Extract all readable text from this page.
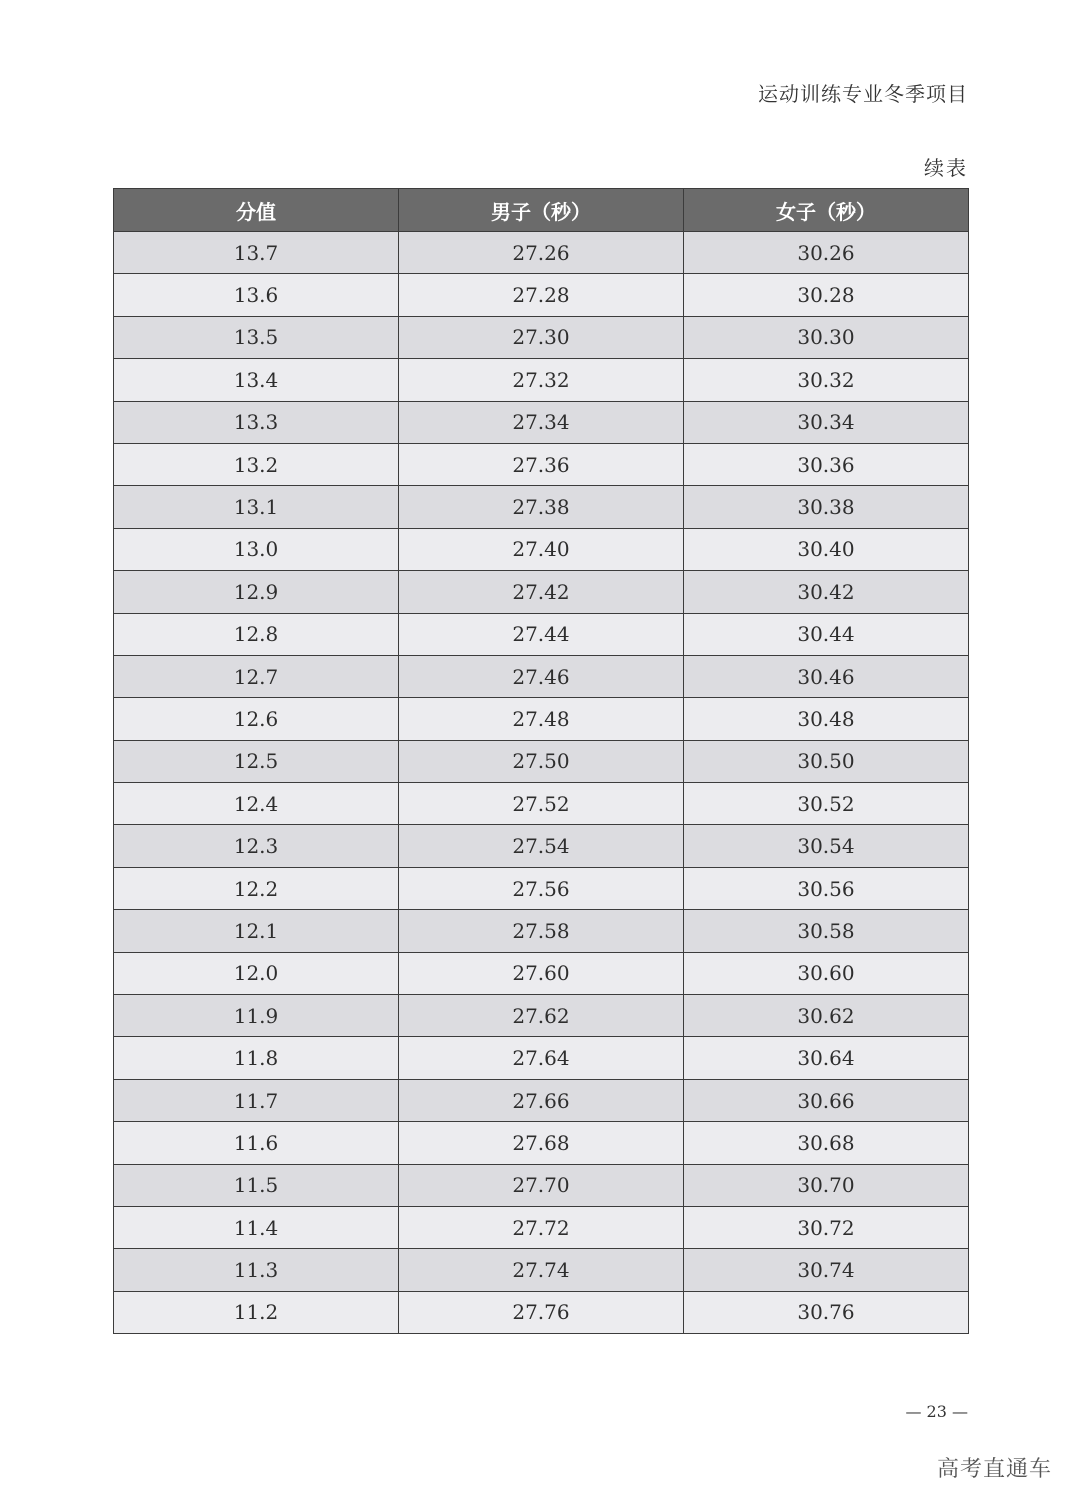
运动训练专业冬季项目
续表
分值	男子（秒）	女子（秒）
13.7	27.26	30.26
13.6	27.28	30.28
13.5	27.30	30.30
13.4	27.32	30.32
13.3	27.34	30.34
13.2	27.36	30.36
13.1	27.38	30.38
13.0	27.40	30.40
12.9	27.42	30.42
12.8	27.44	30.44
12.7	27.46	30.46
12.6	27.48	30.48
12.5	27.50	30.50
12.4	27.52	30.52
12.3	27.54	30.54
12.2	27.56	30.56
12.1	27.58	30.58
12.0	27.60	30.60
11.9	27.62	30.62
11.8	27.64	30.64
11.7	27.66	30.66
11.6	27.68	30.68
11.5	27.70	30.70
11.4	27.72	30.72
11.3	27.74	30.74
11.2	27.76	30.76
— 23 —
高考直通车
